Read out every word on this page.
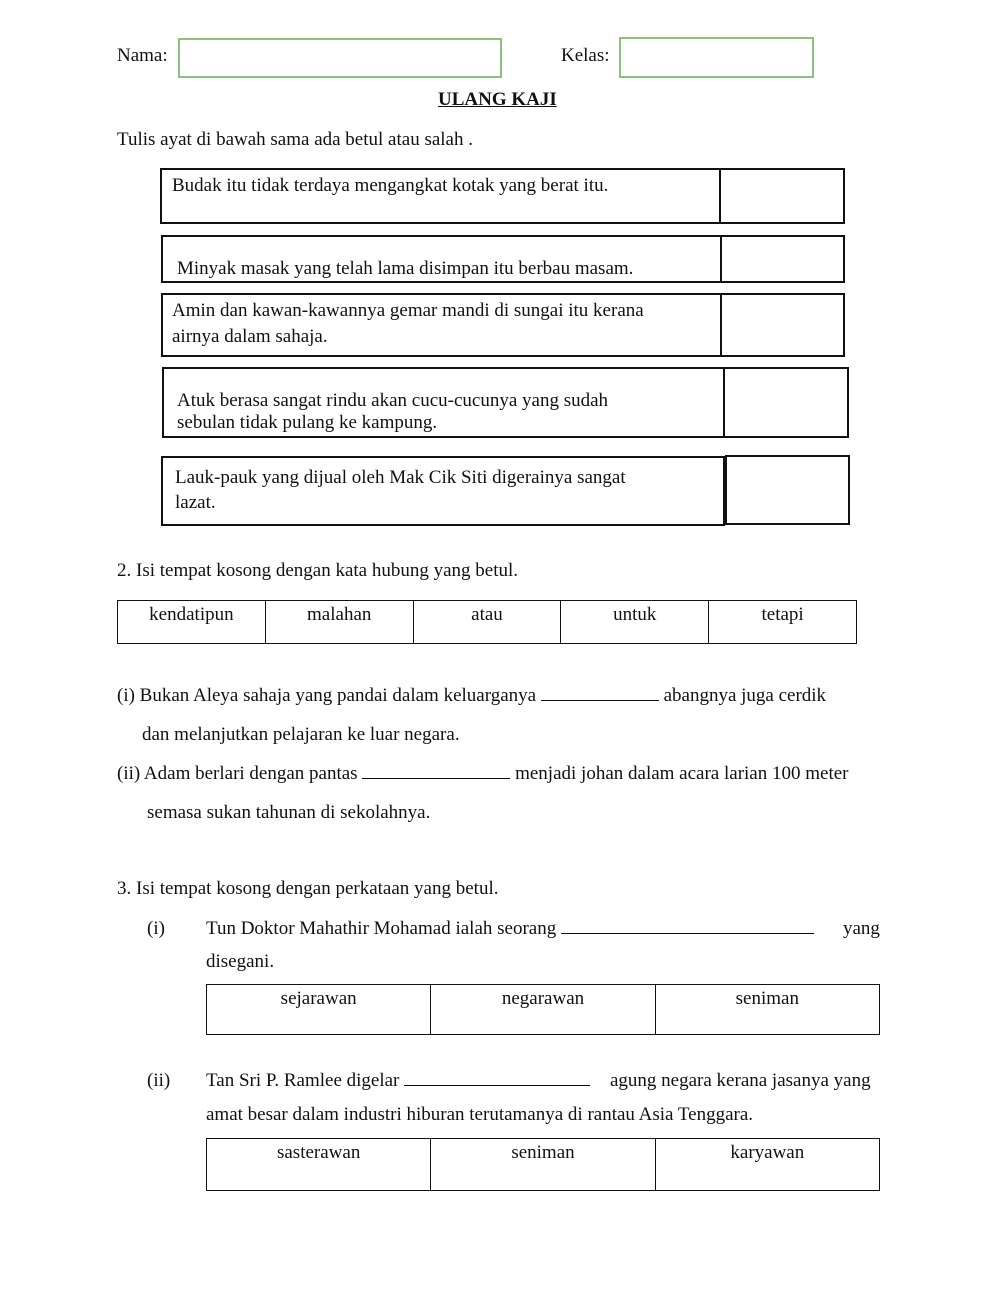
Nama:	Kelas:
ULANG KAJI
Tulis ayat di bawah sama ada betul atau salah .
Budak itu tidak terdaya mengangkat kotak yang berat itu.
Minyak masak yang telah lama disimpan itu berbau masam.
Amin dan kawan-kawannya gemar mandi di sungai itu kerana
airnya dalam sahaja.
Atuk berasa sangat rindu akan cucu-cucunya yang sudah
sebulan tidak pulang ke kampung.
Lauk-pauk yang dijual oleh Mak Cik Siti digerainya sangat
lazat.
2. Isi tempat kosong dengan kata hubung yang betul.
kendatipun	malahan	atau	untuk	tetapi
(i) Bukan Aleya sahaja yang pandai dalam keluarganya	abangnya juga cerdik
dan melanjutkan pelajaran ke luar negara.
(ii) Adam berlari dengan pantas	menjadi johan dalam acara larian 100 meter
semasa sukan tahunan di sekolahnya.
3. Isi tempat kosong dengan perkataan yang betul.
(i) Tun Doktor Mahathir Mohamad ialah seorang	yang
disegani.
sejarawan	negarawan	seniman
(ii) Tan Sri P. Ramlee digelar	agung negara kerana jasanya yang
amat besar dalam industri hiburan terutamanya di rantau Asia Tenggara.
sasterawan	seniman	karyawan
